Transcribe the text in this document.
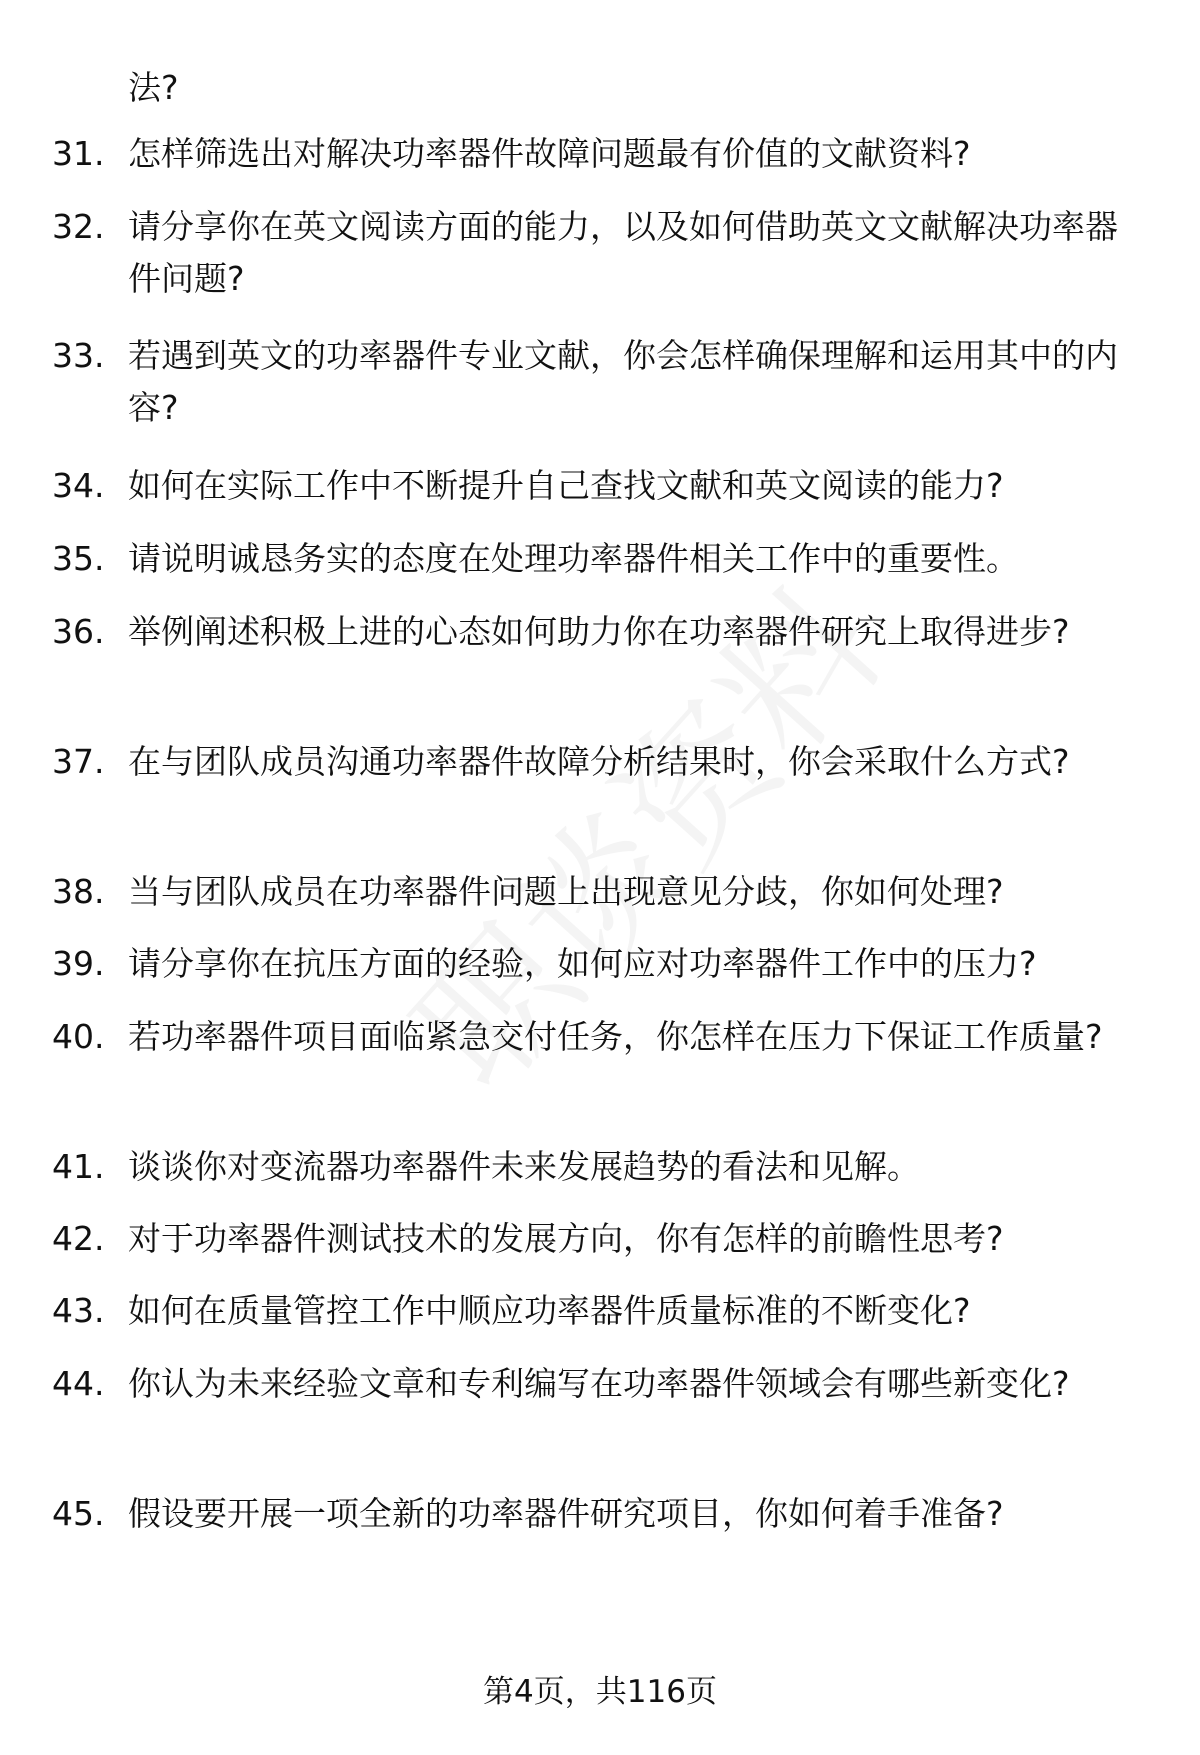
法?
31. 怎样筛选出对解决功率器件故障问题最有价值的文献资料?
32. 请分享你在英文阅读方面的能力，以及如何借助英文文献解决功率器件问题?
33. 若遇到英文的功率器件专业文献，你会怎样确保理解和运用其中的内容?
34. 如何在实际工作中不断提升自己查找文献和英文阅读的能力?
35. 请说明诚恳务实的态度在处理功率器件相关工作中的重要性。
36. 举例阐述积极上进的心态如何助力你在功率器件研究上取得进步?
37. 在与团队成员沟通功率器件故障分析结果时，你会采取什么方式?
38. 当与团队成员在功率器件问题上出现意见分歧，你如何处理?
39. 请分享你在抗压方面的经验，如何应对功率器件工作中的压力?
40. 若功率器件项目面临紧急交付任务，你怎样在压力下保证工作质量?
41. 谈谈你对变流器功率器件未来发展趋势的看法和见解。
42. 对于功率器件测试技术的发展方向，你有怎样的前瞻性思考?
43. 如何在质量管控工作中顺应功率器件质量标准的不断变化?
44. 你认为未来经验文章和专利编写在功率器件领域会有哪些新变化?
45. 假设要开展一项全新的功率器件研究项目，你如何着手准备?
第4页，共116页
